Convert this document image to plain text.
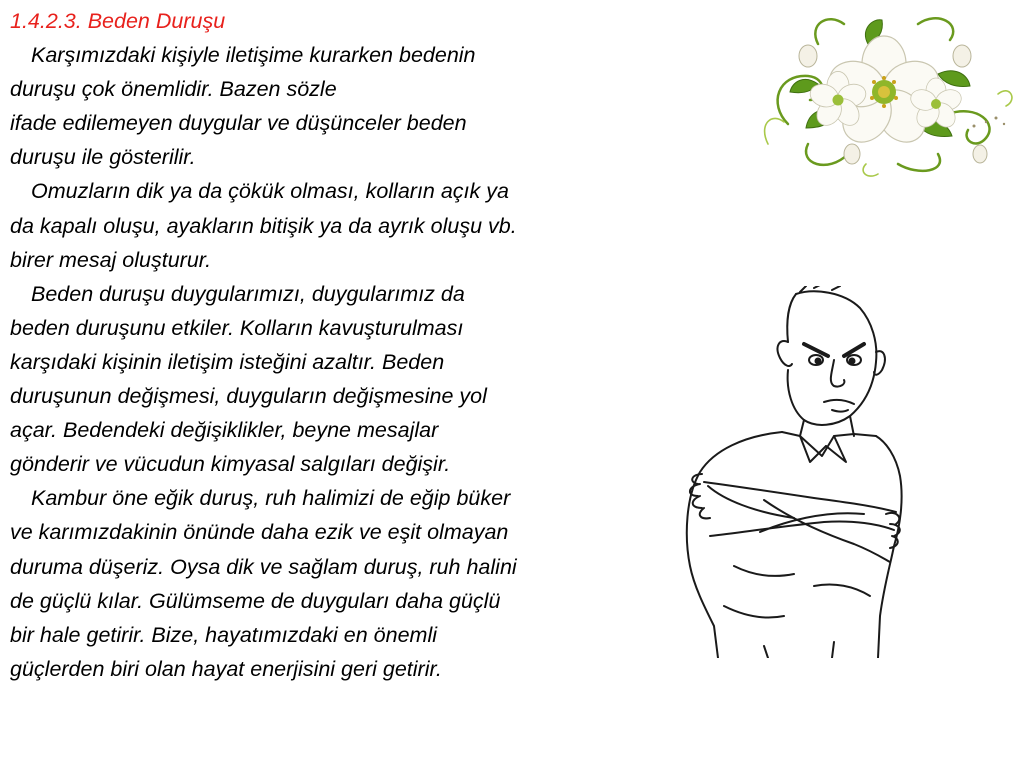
1.4.2.3. Beden Duruşu
Karşımızdaki kişiyle iletişime kurarken bedenin
duruşu çok önemlidir. Bazen sözle
ifade edilemeyen duygular ve düşünceler beden
duruşu ile gösterilir.
Omuzların dik ya da çökük olması, kolların açık ya
da kapalı oluşu, ayakların bitişik ya da ayrık oluşu vb.
birer mesaj oluşturur.
Beden duruşu duygularımızı, duygularımız da
beden duruşunu etkiler. Kolların kavuşturulması
karşıdaki kişinin iletişim isteğini azaltır. Beden
duruşunun değişmesi, duyguların değişmesine yol
açar. Bedendeki değişiklikler, beyne mesajlar
gönderir ve vücudun kimyasal salgıları değişir.
Kambur öne eğik duruş, ruh halimizi de eğip büker
ve karımızdakinin önünde daha ezik ve eşit olmayan
duruma düşeriz. Oysa dik ve sağlam duruş, ruh halini
de güçlü kılar. Gülümseme de duyguları daha güçlü
bir hale getirir. Bize, hayatımızdaki en önemli
güçlerden biri olan hayat enerjisini geri getirir.
